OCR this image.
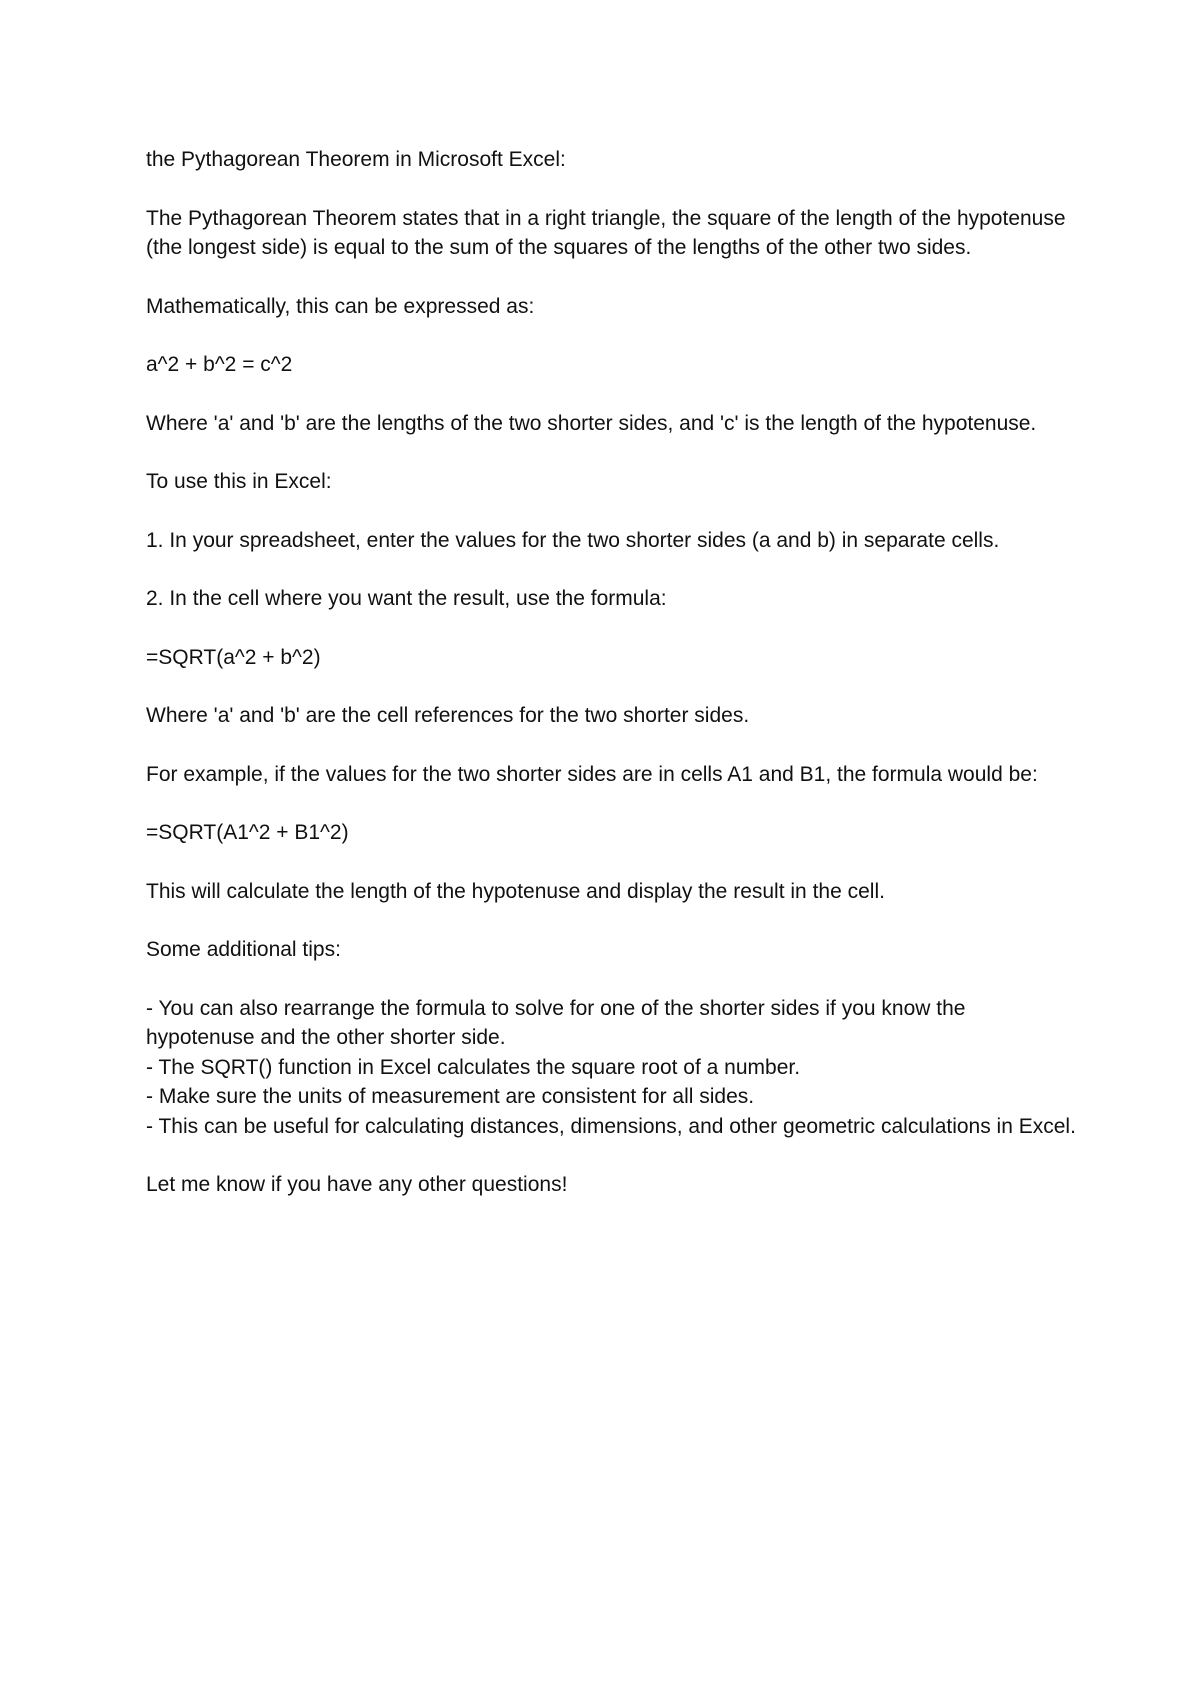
the Pythagorean Theorem in Microsoft Excel:

The Pythagorean Theorem states that in a right triangle, the square of the length of the hypotenuse (the longest side) is equal to the sum of the squares of the lengths of the other two sides.

Mathematically, this can be expressed as:

a^2 + b^2 = c^2

Where 'a' and 'b' are the lengths of the two shorter sides, and 'c' is the length of the hypotenuse.

To use this in Excel:

1. In your spreadsheet, enter the values for the two shorter sides (a and b) in separate cells.

2. In the cell where you want the result, use the formula:

=SQRT(a^2 + b^2)

Where 'a' and 'b' are the cell references for the two shorter sides.

For example, if the values for the two shorter sides are in cells A1 and B1, the formula would be:

=SQRT(A1^2 + B1^2)

This will calculate the length of the hypotenuse and display the result in the cell.

Some additional tips:

- You can also rearrange the formula to solve for one of the shorter sides if you know the hypotenuse and the other shorter side.

- The SQRT() function in Excel calculates the square root of a number.

- Make sure the units of measurement are consistent for all sides.

- This can be useful for calculating distances, dimensions, and other geometric calculations in Excel.

Let me know if you have any other questions!
